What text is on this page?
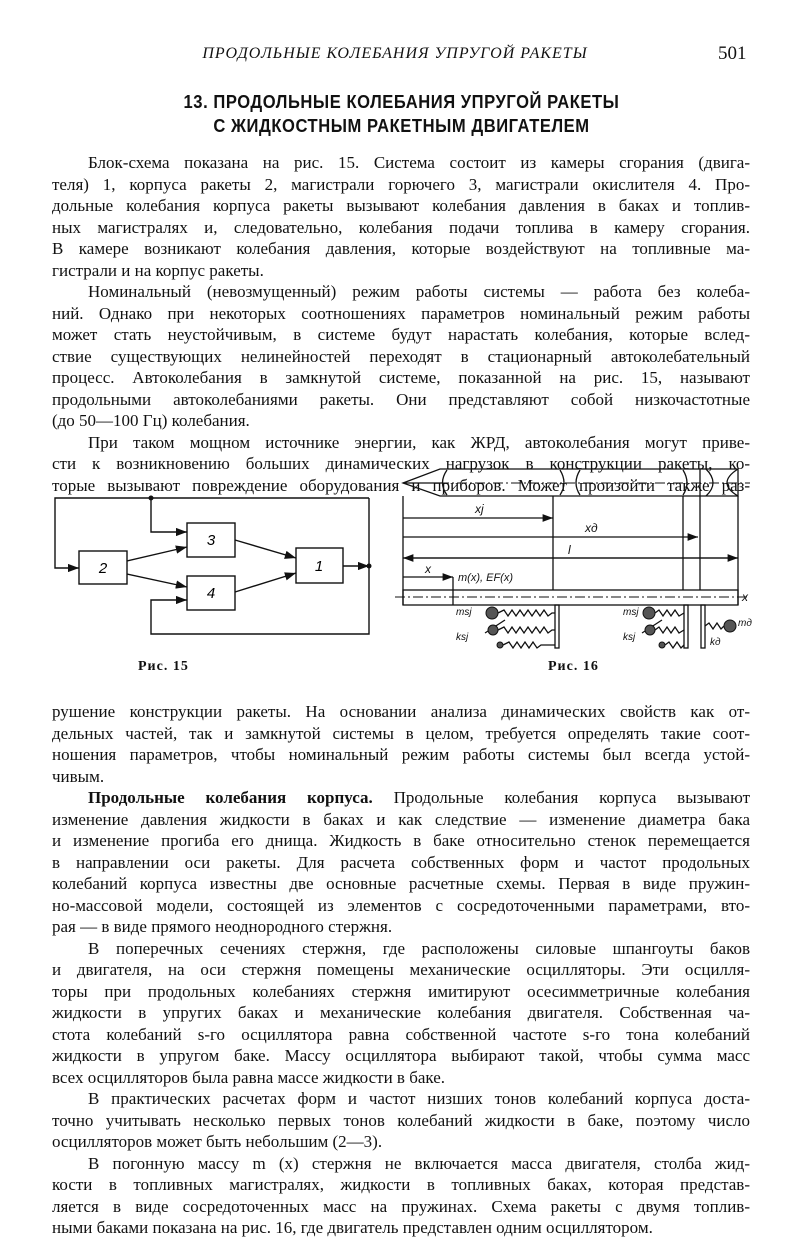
ПРОДОЛЬНЫЕ КОЛЕБАНИЯ УПРУГОЙ РАКЕТЫ	501
13. ПРОДОЛЬНЫЕ КОЛЕБАНИЯ УПРУГОЙ РАКЕТЫ
С ЖИДКОСТНЫМ РАКЕТНЫМ ДВИГАТЕЛЕМ
Блок-схема показана на рис. 15. Система состоит из камеры сгорания (двига-
теля) 1, корпуса ракеты 2, магистрали горючего 3, магистрали окислителя 4. Про-
дольные колебания корпуса ракеты вызывают колебания давления в баках и топлив-
ных магистралях и, следовательно, колебания подачи топлива в камеру сгорания.
В камере возникают колебания давления, которые воздействуют на топливные ма-
гистрали и на корпус ракеты.
Номинальный (невозмущенный) режим работы системы — работа без колеба-
ний. Однако при некоторых соотношениях параметров номинальный режим работы
может стать неустойчивым, в системе будут нарастать колебания, которые вслед-
ствие существующих нелинейностей переходят в стационарный автоколебательный
процесс. Автоколебания в замкнутой системе, показанной на рис. 15, называют
продольными автоколебаниями ракеты. Они представляют собой низкочастотные
(до 50—100 Гц) колебания.
При таком мощном источнике энергии, как ЖРД, автоколебания могут приве-
сти к возникновению больших динамических нагрузок в конструкции ракеты, ко-
торые вызывают повреждение оборудования и приборов. Может произойти также раз-
2
3
4
1
Рис. 15
xj
xд
l
x
m(x), EF(x)
x
msj
ksj
msj
ksj
mд
kд
Рис. 16
рушение конструкции ракеты. На основании анализа динамических свойств как от-
дельных частей, так и замкнутой системы в целом, требуется определять такие соот-
ношения параметров, чтобы номинальный режим работы системы был всегда устой-
чивым.
Продольные колебания корпуса. Продольные колебания корпуса вызывают
изменение давления жидкости в баках и как следствие — изменение диаметра бака
и изменение прогиба его днища. Жидкость в баке относительно стенок перемещается
в направлении оси ракеты. Для расчета собственных форм и частот продольных
колебаний корпуса известны две основные расчетные схемы. Первая в виде пружин-
но-массовой модели, состоящей из элементов с сосредоточенными параметрами, вто-
рая — в виде прямого неоднородного стержня.
В поперечных сечениях стержня, где расположены силовые шпангоуты баков
и двигателя, на оси стержня помещены механические осцилляторы. Эти осцилля-
торы при продольных колебаниях стержня имитируют осесимметричные колебания
жидкости в упругих баках и механические колебания двигателя. Собственная ча-
стота колебаний s-го осциллятора равна собственной частоте s-го тона колебаний
жидкости в упругом баке. Массу осциллятора выбирают такой, чтобы сумма масс
всех осцилляторов была равна массе жидкости в баке.
В практических расчетах форм и частот низших тонов колебаний корпуса доста-
точно учитывать несколько первых тонов колебаний жидкости в баке, поэтому число
осцилляторов может быть небольшим (2—3).
В погонную массу m (x) стержня не включается масса двигателя, столба жид-
кости в топливных магистралях, жидкости в топливных баках, которая представ-
ляется в виде сосредоточенных масс на пружинах. Схема ракеты с двумя топлив-
ными баками показана на рис. 16, где двигатель представлен одним осциллятором.
